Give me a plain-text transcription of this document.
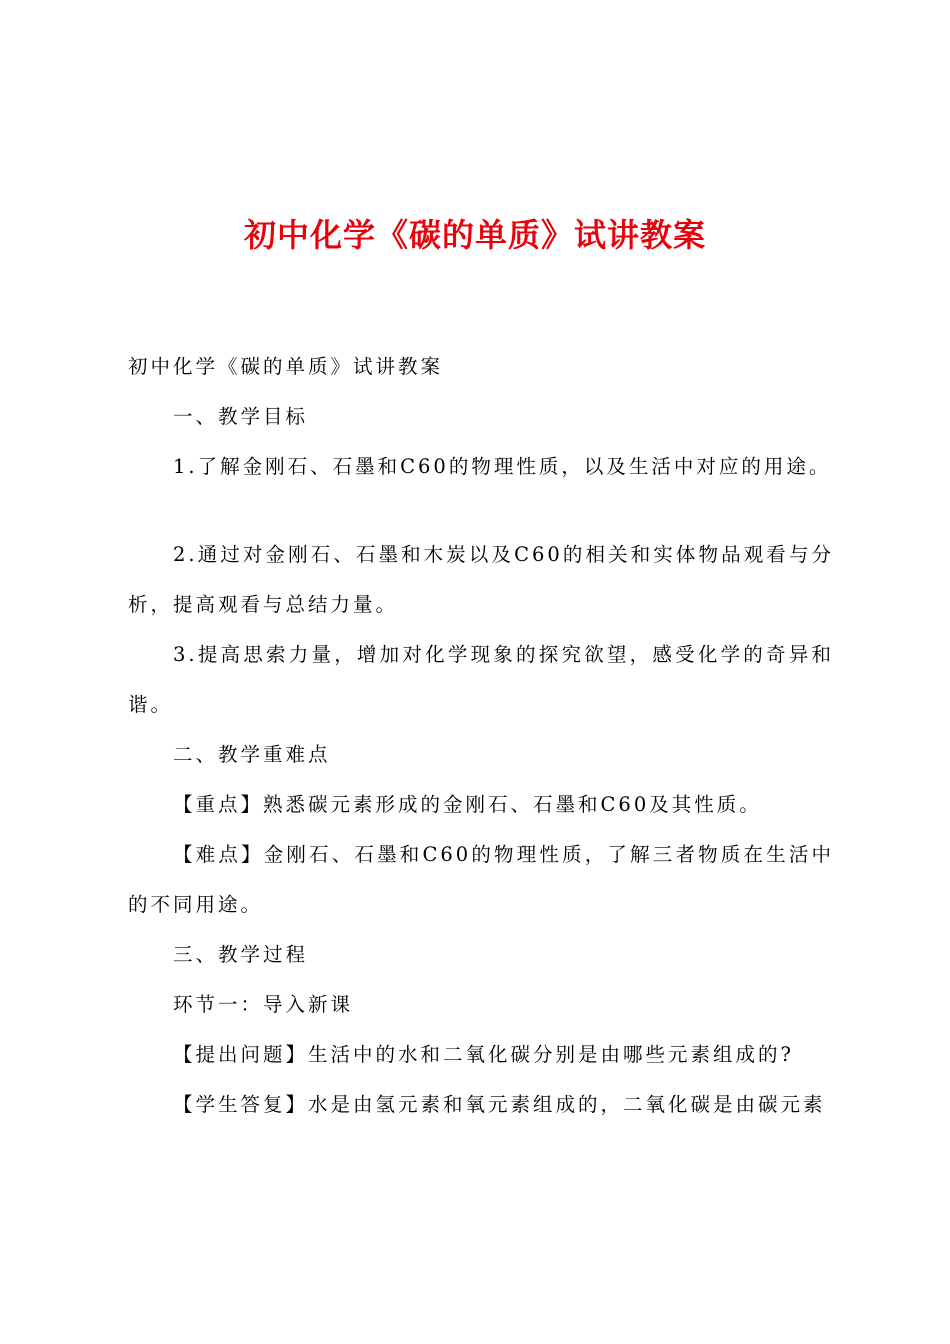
初中化学《碳的单质》试讲教案

初中化学《碳的单质》试讲教案

一、教学目标

1.了解金刚石、石墨和C60的物理性质，以及生活中对应的用途。

2.通过对金刚石、石墨和木炭以及C60的相关和实体物品观看与分析，提高观看与总结力量。

3.提高思索力量，增加对化学现象的探究欲望，感受化学的奇异和谐。

二、教学重难点

【重点】熟悉碳元素形成的金刚石、石墨和C60及其性质。

【难点】金刚石、石墨和C60的物理性质，了解三者物质在生活中的不同用途。

三、教学过程

环节一：导入新课

【提出问题】生活中的水和二氧化碳分别是由哪些元素组成的?

【学生答复】水是由氢元素和氧元素组成的，二氧化碳是由碳元素
